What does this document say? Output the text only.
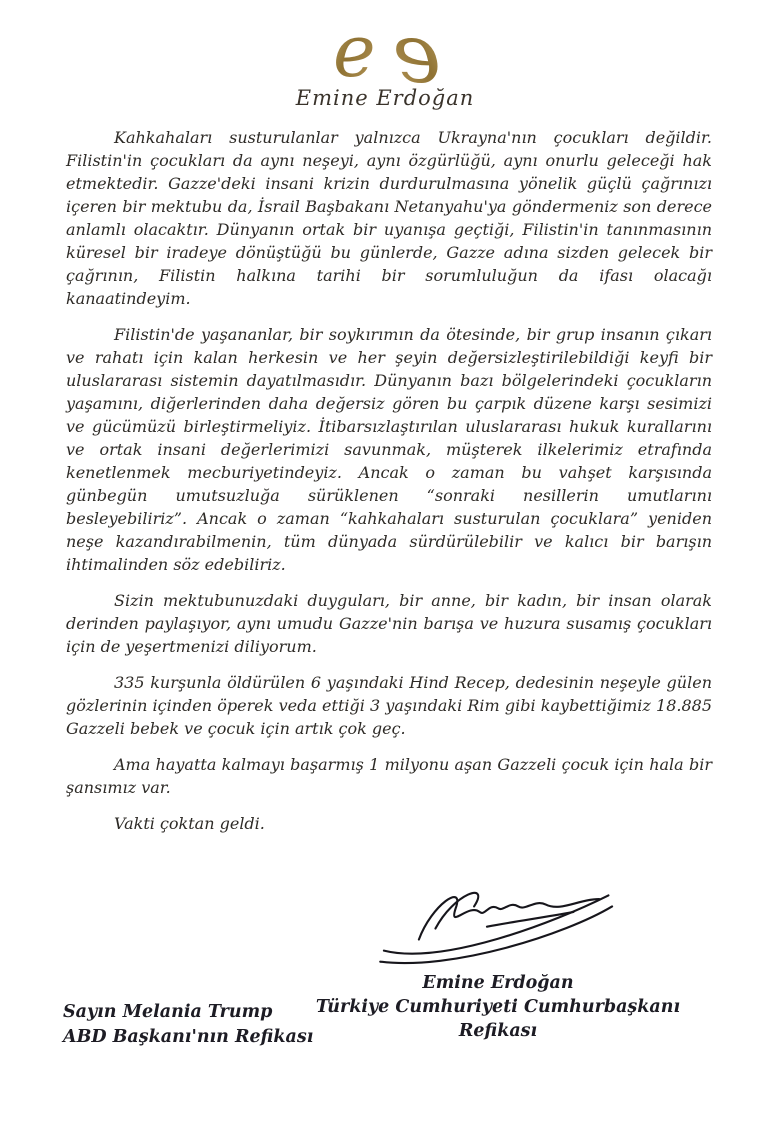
e e
Emine Erdoğan

Kahkahaları susturulanlar yalnızca Ukrayna'nın çocukları değildir. Filistin'in çocukları da aynı neşeyi, aynı özgürlüğü, aynı onurlu geleceği hak etmektedir. Gazze'deki insani krizin durdurulmasına yönelik güçlü çağrınızı içeren bir mektubu da, İsrail Başbakanı Netanyahu'ya göndermeniz son derece anlamlı olacaktır. Dünyanın ortak bir uyanışa geçtiği, Filistin'in tanınmasının küresel bir iradeye dönüştüğü bu günlerde, Gazze adına sizden gelecek bir çağrının, Filistin halkına tarihi bir sorumluluğun da ifası olacağı kanaatindeyim.

Filistin'de yaşananlar, bir soykırımın da ötesinde, bir grup insanın çıkarı ve rahatı için kalan herkesin ve her şeyin değersizleştirilebildiği keyfi bir uluslararası sistemin dayatılmasıdır. Dünyanın bazı bölgelerindeki çocukların yaşamını, diğerlerinden daha değersiz gören bu çarpık düzene karşı sesimizi ve gücümüzü birleştirmeliyiz. İtibarsızlaştırılan uluslararası hukuk kurallarını ve ortak insani değerlerimizi savunmak, müşterek ilkelerimiz etrafında kenetlenmek mecburiyetindeyiz. Ancak o zaman bu vahşet karşısında günbegün umutsuzluğa sürüklenen “sonraki nesillerin umutlarını besleyebiliriz”. Ancak o zaman “kahkahaları susturulan çocuklara” yeniden neşe kazandırabilmenin, tüm dünyada sürdürülebilir ve kalıcı bir barışın ihtimalinden söz edebiliriz.

Sizin mektubunuzdaki duyguları, bir anne, bir kadın, bir insan olarak derinden paylaşıyor, aynı umudu Gazze'nin barışa ve huzura susamış çocukları için de yeşertmenizi diliyorum.

335 kurşunla öldürülen 6 yaşındaki Hind Recep, dedesinin neşeyle gülen gözlerinin içinden öperek veda ettiği 3 yaşındaki Rim gibi kaybettiğimiz 18.885 Gazzeli bebek ve çocuk için artık çok geç.

Ama hayatta kalmayı başarmış 1 milyonu aşan Gazzeli çocuk için hala bir şansımız var.

Vakti çoktan geldi.

Emine Erdoğan
Türkiye Cumhuriyeti Cumhurbaşkanı Refikası
Sayın Melania Trump
ABD Başkanı'nın Refikası
